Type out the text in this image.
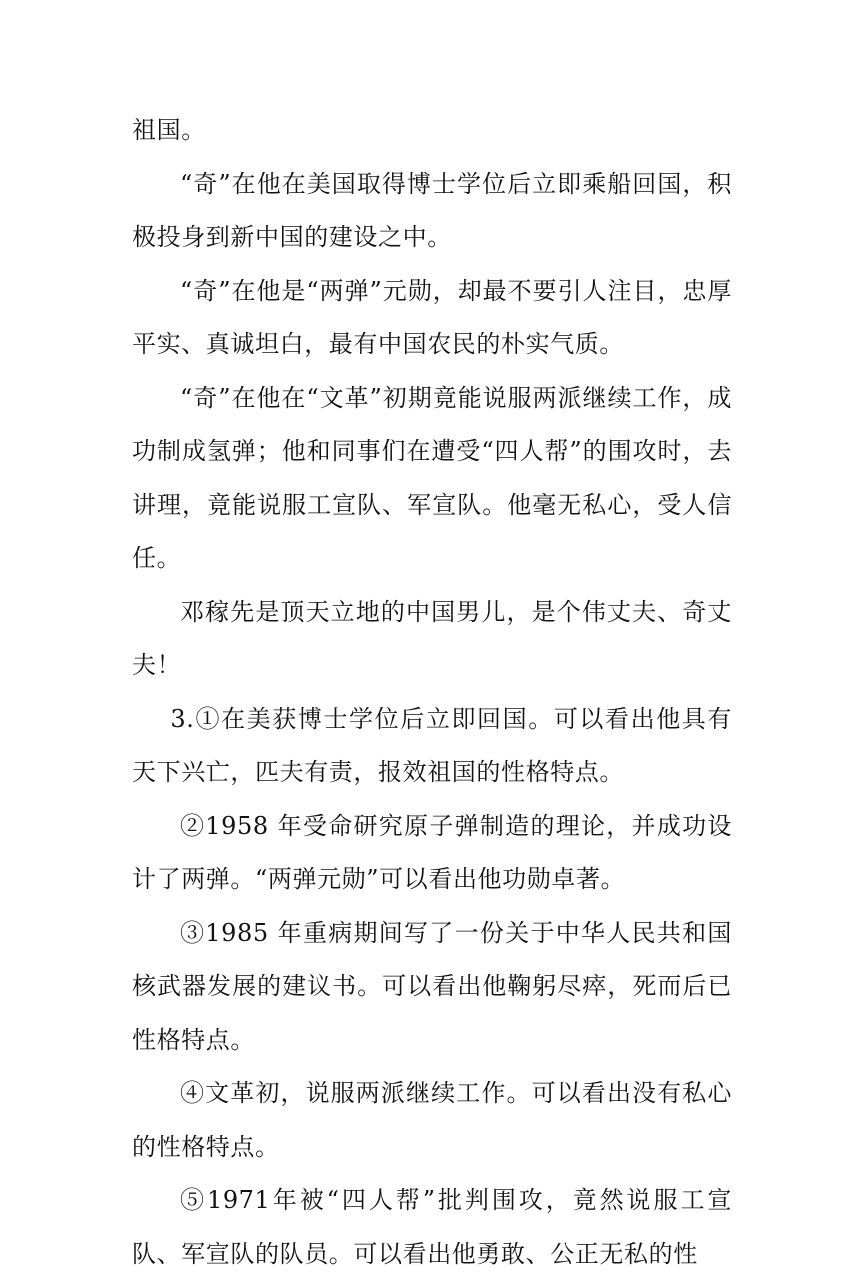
祖国。

“奇”在他在美国取得博士学位后立即乘船回国，积极投身到新中国的建设之中。

“奇”在他是“两弹”元勋，却最不要引人注目，忠厚平实、真诚坦白，最有中国农民的朴实气质。

“奇”在他在“文革”初期竟能说服两派继续工作，成功制成氢弹；他和同事们在遭受“四人帮”的围攻时，去讲理，竟能说服工宣队、军宣队。他毫无私心，受人信任。

邓稼先是顶天立地的中国男儿，是个伟丈夫、奇丈夫！

3.①在美获博士学位后立即回国。可以看出他具有天下兴亡，匹夫有责，报效祖国的性格特点。

②1958 年受命研究原子弹制造的理论，并成功设计了两弹。“两弹元勋”可以看出他功勋卓著。

③1985 年重病期间写了一份关于中华人民共和国核武器发展的建议书。可以看出他鞠躬尽瘁，死而后已性格特点。

④文革初，说服两派继续工作。可以看出没有私心的性格特点。

⑤1971年被“四人帮”批判围攻，竟然说服工宣队、军宣队的队员。可以看出他勇敢、公正无私的性
